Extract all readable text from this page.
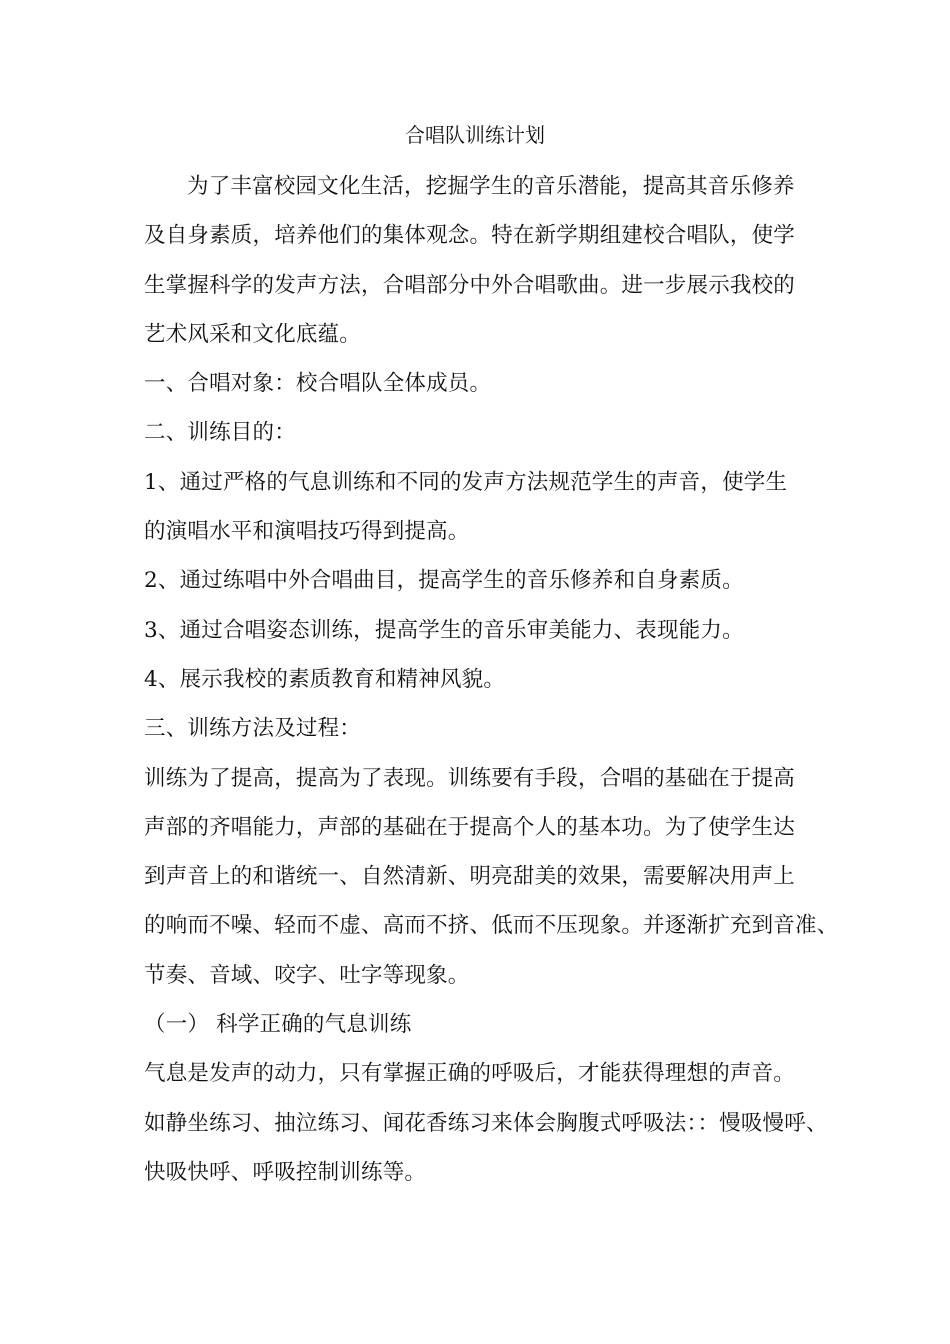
合唱队训练计划
为了丰富校园文化生活，挖掘学生的音乐潜能，提高其音乐修养
及自身素质，培养他们的集体观念。特在新学期组建校合唱队，使学
生掌握科学的发声方法，合唱部分中外合唱歌曲。进一步展示我校的
艺术风采和文化底蕴。
一、合唱对象：校合唱队全体成员。
二、训练目的：
1、通过严格的气息训练和不同的发声方法规范学生的声音，使学生
的演唱水平和演唱技巧得到提高。
2、通过练唱中外合唱曲目，提高学生的音乐修养和自身素质。
3、通过合唱姿态训练，提高学生的音乐审美能力、表现能力。
4、展示我校的素质教育和精神风貌。
三、训练方法及过程：
训练为了提高，提高为了表现。训练要有手段，合唱的基础在于提高
声部的齐唱能力，声部的基础在于提高个人的基本功。为了使学生达
到声音上的和谐统一、自然清新、明亮甜美的效果，需要解决用声上
的响而不噪、轻而不虚、高而不挤、低而不压现象。并逐渐扩充到音准、
节奏、音域、咬字、吐字等现象。
（一） 科学正确的气息训练
气息是发声的动力，只有掌握正确的呼吸后，才能获得理想的声音。
如静坐练习、抽泣练习、闻花香练习来体会胸腹式呼吸法：：慢吸慢呼、
快吸快呼、呼吸控制训练等。
